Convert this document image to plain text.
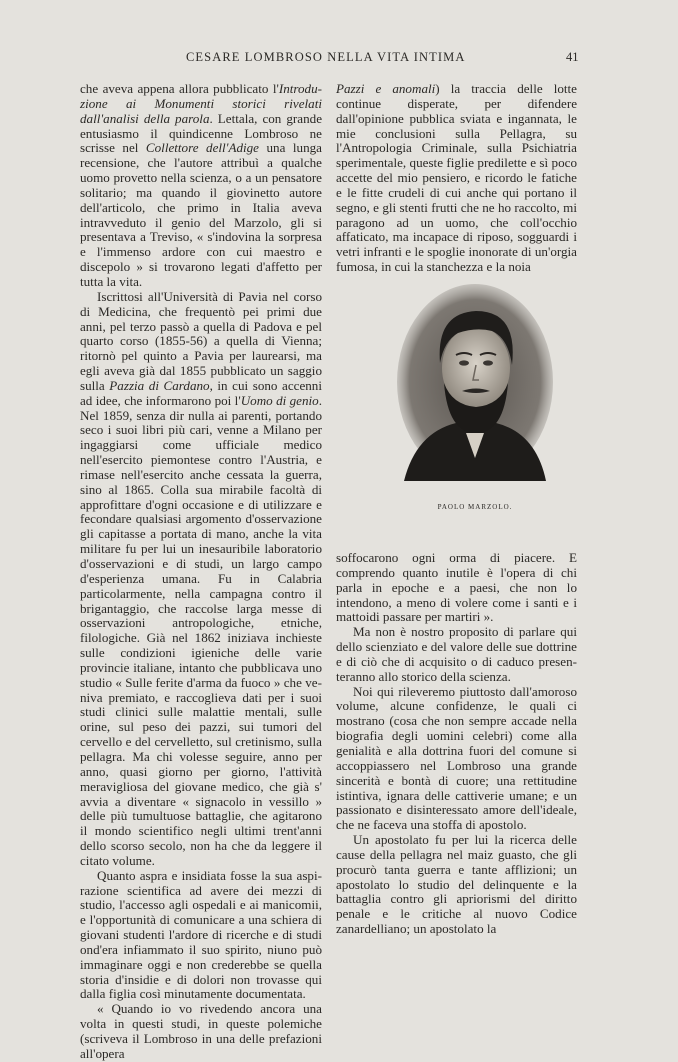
CESARE LOMBROSO NELLA VITA INTIMA	41

che aveva appena allora pubblicato l'Introduzione ai Monumenti storici rivelati dall'analisi della parola. Lettala, con grande entusiasmo il quindicenne Lombroso ne scrisse nel Collettore dell'Adige una lunga recensione, che l'autore attribuì a qualche uomo provetto nella scienza, o a un pensatore solitario; ma quando il giovinetto autore dell'articolo, che primo in Italia aveva intravveduto il genio del Marzolo, gli si presentava a Treviso, « s'indovina la sorpresa e l'immenso ardore con cui maestro e discepolo » si trovarono legati d'affetto per tutta la vita.

Iscrittosi all'Università di Pavia nel corso di Medicina, che frequentò pei primi due anni, pel terzo passò a quella di Padova e pel quarto corso (1855-56) a quella di Vienna; ritornò pel quinto a Pavia per laurearsi, ma egli aveva già dal 1855 pubblicato un saggio sulla Pazzia di Cardano, in cui sono accenni ad idee, che informarono poi l'Uomo di genio. Nel 1859, senza dir nulla ai parenti, portando seco i suoi libri più cari, venne a Milano per ingaggiarsi come ufficiale medico nell'esercito piemontese contro l'Austria, e rimase nell'esercito anche cessata la guerra, sino al 1865. Colla sua mirabile facoltà di approfittare d'ogni occasione e di utilizzare e fecondare qualsiasi argomento d'osservazione gli capitasse a portata di mano, anche la vita militare fu per lui un inesauribile laboratorio d'osservazioni e di studi, un largo campo d'esperienza umana. Fu in Calabria particolarmente, nella campagna contro il brigantaggio, che raccolse larga messe di osservazioni antropologiche, etniche, filologiche. Già nel 1862 iniziava inchieste sulle condizioni igieniche delle varie provincie italiane, intanto che pubblicava uno studio « Sulle ferite d'arma da fuoco » che veniva premiato, e raccoglieva dati per i suoi studi clinici sulle malattie mentali, sulle orine, sul peso dei pazzi, sui tumori del cervello e del cervelletto, sul cretinismo, sulla pellagra. Ma chi volesse seguire, anno per anno, quasi giorno per giorno, l'attività meravigliosa del giovane medico, che già s' avvia a diventare « signacolo in vessillo » delle più tumultuose battaglie, che agitarono il mondo scientifico negli ultimi trent'anni dello scorso secolo, non ha che da leggere il citato volume.

Quanto aspra e insidiata fosse la sua aspirazione scientifica ad avere dei mezzi di studio, l'accesso agli ospedali e ai manicomii, e l'opportunità di comunicare a una schiera di giovani studenti l'ardore di ricerche e di studi ond'era infiammato il suo spirito, niuno può immaginare oggi e non crederebbe se quella storia d'insidie e di dolori non trovasse qui dalla figlia così minutamente documentata.

« Quando io vo rivedendo ancora una volta in questi studi, in queste polemiche (scriveva il Lombroso in una delle prefazioni all'opera

Pazzi e anomali) la traccia delle lotte continue disperate, per difendere dall'opinione pubblica sviata e ingannata, le mie conclusioni sulla Pellagra, su l'Antropologia Criminale, sulla Psichiatria sperimentale, queste figlie predilette e sì poco accette del mio pensiero, e ricordo le fatiche e le fitte crudeli di cui anche qui portano il segno, e gli stenti frutti che ne ho raccolto, mi paragono ad un uomo, che coll'occhio affaticato, ma incapace di riposo, sogguardi i vetri infranti e le spoglie inonorate di un'orgia fumosa, in cui la stanchezza e la noia

PAOLO MARZOLO.

soffocarono ogni orma di piacere. E comprendo quanto inutile è l'opera di chi parla in epoche e a paesi, che non lo intendono, a meno di volere come i santi e i mattoidi passare per martiri ».

Ma non è nostro proposito di parlare qui dello scienziato e del valore delle sue dottrine e di ciò che di acquisito o di caduco presenteranno allo storico della scienza.

Noi qui rileveremo piuttosto dall'amoroso volume, alcune confidenze, le quali ci mostrano (cosa che non sempre accade nella biografia degli uomini celebri) come alla genialità e alla dottrina fuori del comune si accoppiassero nel Lombroso una grande sincerità e bontà di cuore; una rettitudine istintiva, ignara delle cattiverie umane; e un passionato e disinteressato amore dell'ideale, che ne faceva una stoffa di apostolo.

Un apostolato fu per lui la ricerca delle cause della pellagra nel maiz guasto, che gli procurò tanta guerra e tante afflizioni; un apostolato lo studio del delinquente e la battaglia contro gli apriorismi del diritto penale e le critiche al nuovo Codice zanardelliano; un apostolato la
